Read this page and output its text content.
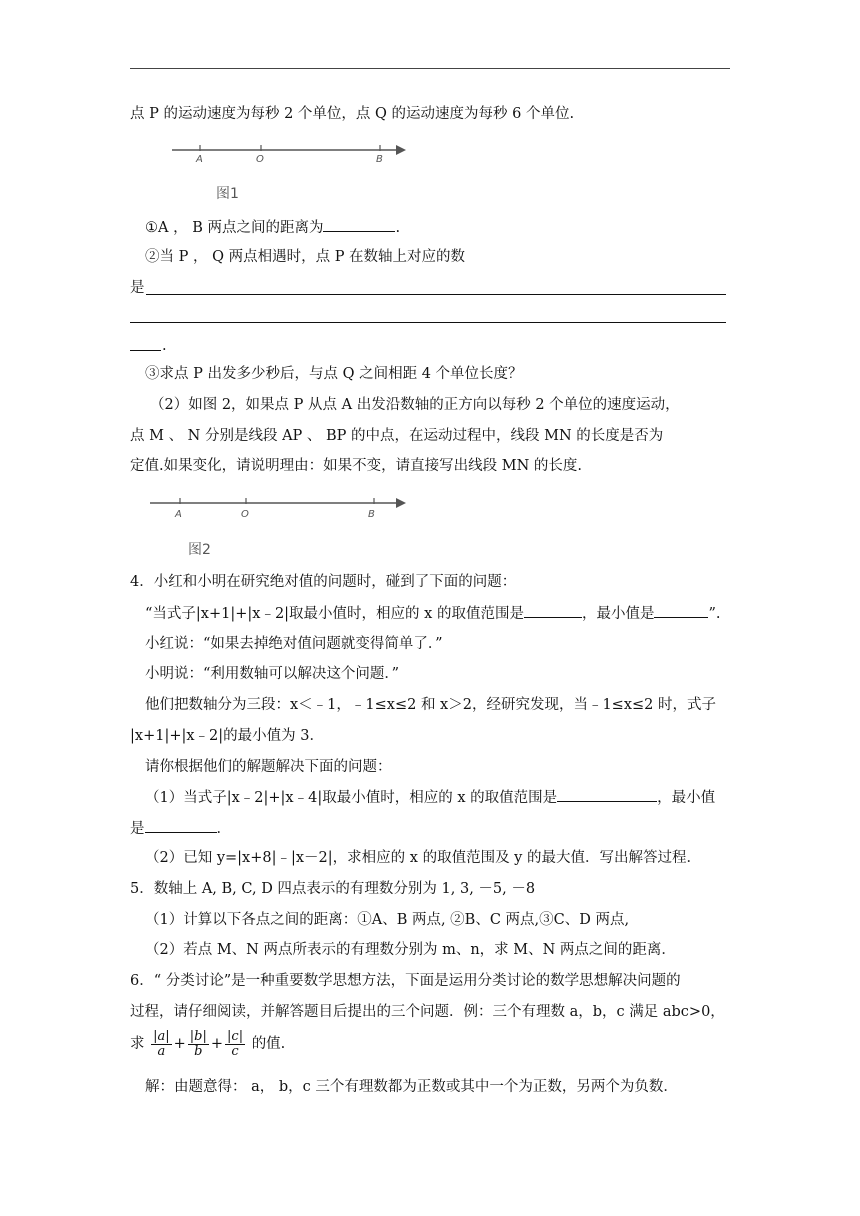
点 P 的运动速度为每秒 2 个单位，点 Q 的运动速度为每秒 6 个单位.
A	O	B
图1
①A ， B 两点之间的距离为	.
②当 P ， Q 两点相遇时，点 P 在数轴上对应的数
是
.
③求点 P 出发多少秒后，与点 Q 之间相距 4 个单位长度？
（2）如图 2，如果点 P 从点 A 出发沿数轴的正方向以每秒 2 个单位的速度运动，
点 M 、 N 分别是线段 AP 、 BP 的中点，在运动过程中，线段 MN 的长度是否为
定值.如果变化，请说明理由：如果不变，请直接写出线段 MN 的长度.
A	O	B
图2
4．小红和小明在研究绝对值的问题时，碰到了下面的问题：
“当式子|x+1|+|x﹣2|取最小值时，相应的 x 的取值范围是	，最小值是	”.
小红说：“如果去掉绝对值问题就变得简单了．”
小明说：“利用数轴可以解决这个问题．”
他们把数轴分为三段：x＜﹣1，﹣1≤x≤2 和 x＞2，经研究发现，当﹣1≤x≤2 时，式子
|x+1|+|x﹣2|的最小值为 3．
请你根据他们的解题解决下面的问题：
（1）当式子|x﹣2|+|x﹣4|取最小值时，相应的 x 的取值范围是	，最小值
是	．
（2）已知 y=|x+8|﹣|x－2|，求相应的 x 的取值范围及 y 的最大值．写出解答过程．
5．数轴上 A, B, C, D 四点表示的有理数分别为 1, 3, －5, －8
（1）计算以下各点之间的距离：①A、B 两点, ②B、C 两点,③C、D 两点,
（2）若点 M、N 两点所表示的有理数分别为 m、n，求 M、N 两点之间的距离．
6．“ 分类讨论”是一种重要数学思想方法，下面是运用分类讨论的数学思想解决问题的
过程，请仔细阅读，并解答题目后提出的三个问题．例：三个有理数 a，b，c 满足 abc>0，
求 $\frac{|a|}{a} + \frac{|b|}{b} + \frac{|c|}{c}$ 的值.
解：由题意得： a， b，c 三个有理数都为正数或其中一个为正数，另两个为负数．
